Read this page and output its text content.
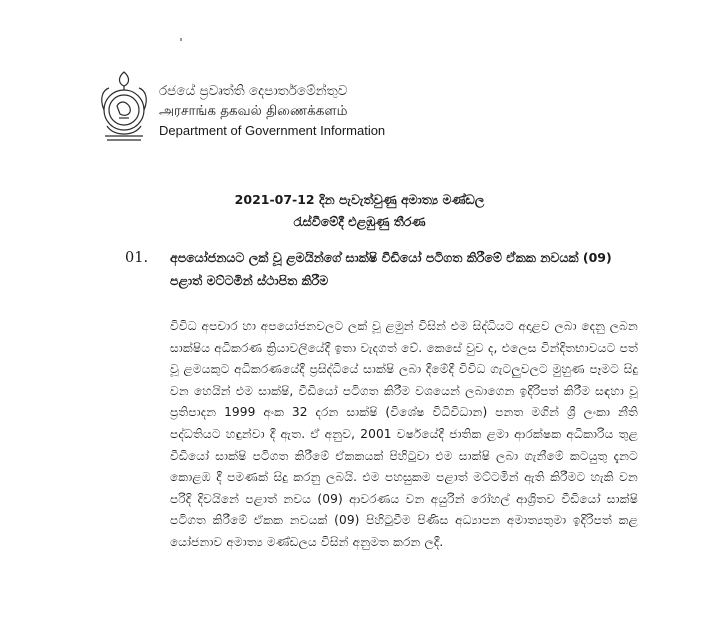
රජයේ ප්‍රවෘත්ති දෙපාර්තමේන්තුව
அரசாங்க தகவல் திணைக்களம்
Department of Government Information
2021-07-12 දින පැවැත්වුණු අමාත්‍ය මණ්ඩල
රැස්වීමේදී එළඹුණු තීරණ
01. අපයෝජනයට ලක් වූ ළමයින්ගේ සාක්ෂි වීඩියෝ පටිගත කිරීමේ ඒකක නවයක් (09) පළාත් මට්ටමින් ස්ථාපිත කිරීම
විවිධ අපචාර හා අපයෝජනවලට ලක් වූ ළමුන් විසින් එම සිද්ධියට අදාළව ලබා දෙනු ලබන සාක්ෂිය අධිකරණ ක්‍රියාවලියේදී ඉතා වැදගත් වේ. කෙසේ වුව ද, එලෙස වින්දිතභාවයට පත් වූ ළමයකුට අධිකරණයේදී ප්‍රසිද්ධියේ සාක්ෂි ලබා දීමේදී විවිධ ගැටලුවලට මුහුණ පෑමට සිදු වන හෙයින් එම සාක්ෂි, වීඩියෝ පටිගත කිරීම වශයෙන් ලබාගෙන ඉදිරිපත් කිරීම සඳහා වූ ප්‍රතිපාදන 1999 අංක 32 දරන සාක්ෂි (විශේෂ විධිවිධාන) පනත මගින් ශ්‍රී ලංකා නීති පද්ධතියට හඳුන්වා දී ඇත. ඒ අනුව, 2001 වර්ෂයේදී ජාතික ළමා ආරක්ෂක අධිකාරිය තුළ වීඩියෝ සාක්ෂි පටිගත කිරීමේ ඒකකයක් පිහිටුවා එම සාක්ෂි ලබා ගැනීමේ කටයුතු දැනට කොළඹ දී පමණක් සිදු කරනු ලබයි. එම පහසුකම පළාත් මට්ටමින් ඇති කිරීමට හැකි වන පරිදි දිවයිනේ පළාත් නවය (09) ආවරණය වන අයුරින් රෝහල් ආශ්‍රිතව වීඩියෝ සාක්ෂි පටිගත කිරීමේ ඒකක නවයක් (09) පිහිටුවීම පිණිස අධ්‍යාපන අමාත්‍යතුමා ඉදිරිපත් කළ යෝජනාව අමාත්‍ය මණ්ඩලය විසින් අනුමත කරන ලදී.
